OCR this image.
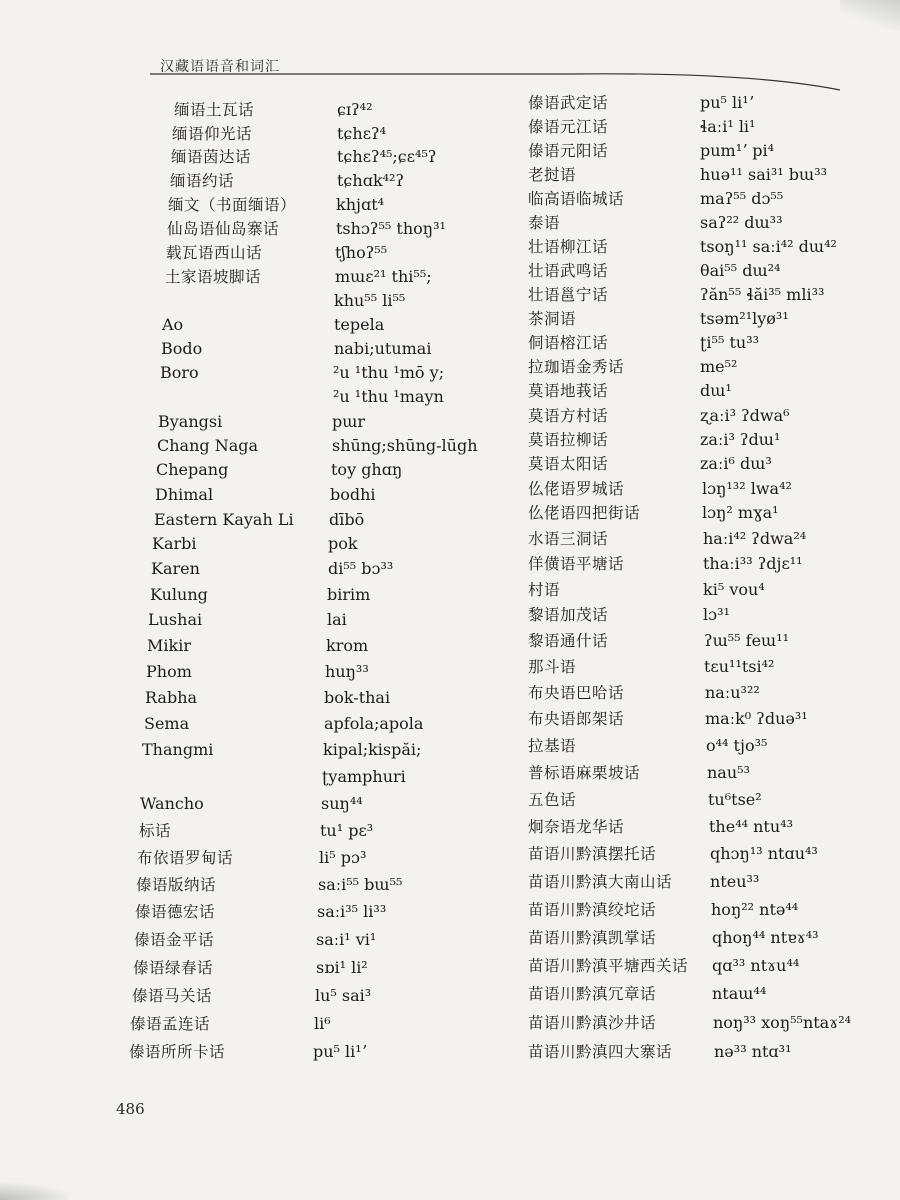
汉藏语语音和词汇
缅语土瓦话	ɕɪʔ⁴²
缅语仰光话	tɕhɛʔ⁴
缅语茵达话	tɕhɛʔ⁴⁵;ɕɛ⁴⁵ʔ
缅语约话	tɕhɑk⁴²ʔ
缅文（书面缅语） khjɑt⁴
仙岛语仙岛寨话	tshɔʔ⁵⁵ thoŋ³¹
载瓦语西山话	tʃhoʔ⁵⁵
土家语坡脚话	mɯɛ²¹ thi⁵⁵;
khu⁵⁵ li⁵⁵
Ao	tepela
Bodo	nabi;utumai
Boro	²u ¹thu ¹mō y;
²u ¹thu ¹mayn
Byangsi	pɯr
Chang Naga	shūng;shūng-lūgh
Chepang	toy ghɑŋ
Dhimal	bodhi
Eastern Kayah Li dībō
Karbi	pok
Karen	di⁵⁵ bɔ³³
Kulung	birim
Lushai	lai
Mikir	krom
Phom	huŋ³³
Rabha	bok-thai
Sema	apfola;apola
Thangmi	kipal;kispăi;
ʈyamphuri
Wancho	suŋ⁴⁴
标话	tu¹ pɛ³
布依语罗甸话	li⁵ pɔ³
傣语版纳话	saːi⁵⁵ bɯ⁵⁵
傣语德宏话	saːi³⁵ li³³
傣语金平话	saːi¹ vi¹
傣语绿春话	sɒi¹ li²
傣语马关话	lu⁵ sai³
傣语孟连话	li⁶
傣语所所卡话	pu⁵ li¹ʼ
傣语武定话	pu⁵ li¹ʼ
傣语元江话	ɬaːi¹ li¹
傣语元阳话	pum¹ʼ pi⁴
老挝语	huə¹¹ sai³¹ bɯ³³
临高语临城话	maʔ⁵⁵ dɔ⁵⁵
泰语	saʔ²² dɯ³³
壮语柳江话	tsoŋ¹¹ saːi⁴² dɯ⁴²
壮语武鸣话	θai⁵⁵ dɯ²⁴
壮语邕宁话	ʔăn⁵⁵ ɬăi³⁵ mli³³
茶洞语	tsəm²¹lyø³¹
侗语榕江话	ʈi⁵⁵ tu³³
拉珈语金秀话	me⁵²
莫语地莪话	dɯ¹
莫语方村话	ʐaːi³ ʔdwa⁶
莫语拉柳话	zaːi³ ʔdɯ¹
莫语太阳话	zaːi⁶ dɯ³
仫佬语罗城话	lɔŋ¹³² lwa⁴²
仫佬语四把街话	lɔŋ² mɣa¹
水语三洞话	haːi⁴² ʔdwa²⁴
佯僙语平塘话	thaːi³³ ʔdjɛ¹¹
村语	ki⁵ vou⁴
黎语加茂话	lɔ³¹
黎语通什话	ʔɯ⁵⁵ feɯ¹¹
那斗语	tɛu¹¹tsi⁴²
布央语巴哈话	naːu³²²
布央语郎架话	maːk⁰ ʔduə³¹
拉基语	o⁴⁴ tjo³⁵
普标语麻栗坡话	nau⁵³
五色话	tu⁶tse²
炯奈语龙华话	the⁴⁴ ntu⁴³
苗语川黔滇摆托话	qhɔŋ¹³ ntɑu⁴³
苗语川黔滇大南山话 nteu³³
苗语川黔滇绞坨话	hoŋ²² ntə⁴⁴
苗语川黔滇凯掌话	qhoŋ⁴⁴ ntɐɤ⁴³
苗语川黔滇平塘西关话 qɑ³³ ntɤu⁴⁴
苗语川黔滇冗章话	ntaɯ⁴⁴
苗语川黔滇沙井话	noŋ³³ xoŋ⁵⁵ntaɤ²⁴
苗语川黔滇四大寨话	nə³³ ntɑ³¹
486
